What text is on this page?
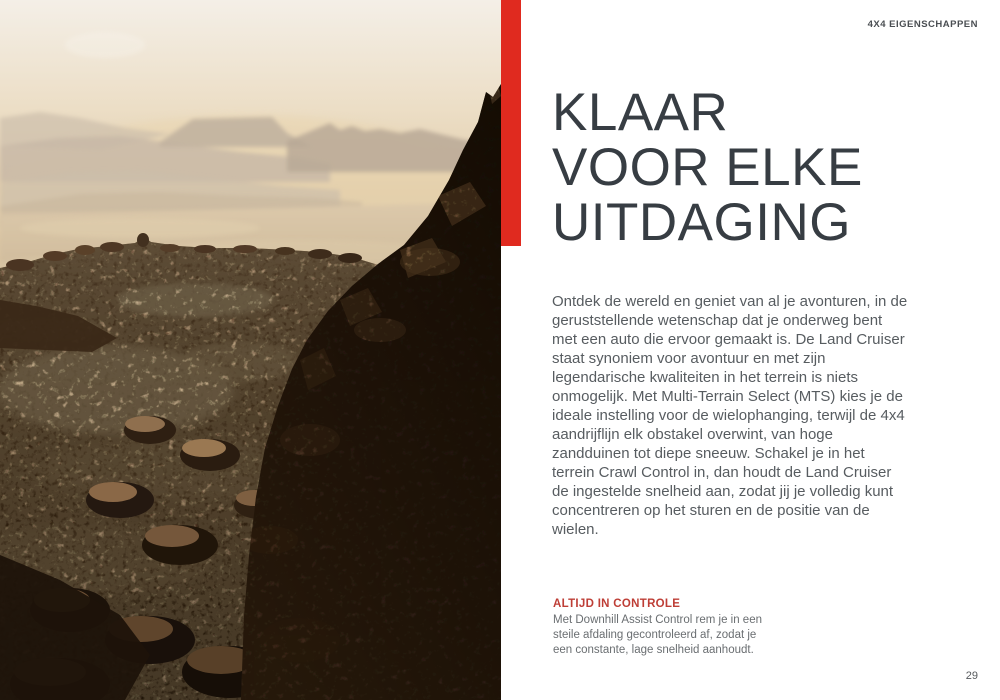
4X4 EIGENSCHAPPEN
KLAAR
VOOR ELKE
UITDAGING

Ontdek de wereld en geniet van al je avonturen, in de geruststellende wetenschap dat je onderweg bent met een auto die ervoor gemaakt is. De Land Cruiser staat synoniem voor avontuur en met zijn legendarische kwaliteiten in het terrein is niets onmogelijk. Met Multi-Terrain Select (MTS) kies je de ideale instelling voor de wielophanging, terwijl de 4x4 aandrijflijn elk obstakel overwint, van hoge zandduinen tot diepe sneeuw. Schakel je in het terrein Crawl Control in, dan houdt de Land Cruiser de ingestelde snelheid aan, zodat jij je volledig kunt concentreren op het sturen en de positie van de wielen.

ALTIJD IN CONTROLE

Met Downhill Assist Control rem je in een steile afdaling gecontroleerd af, zodat je een constante, lage snelheid aanhoudt.

29
